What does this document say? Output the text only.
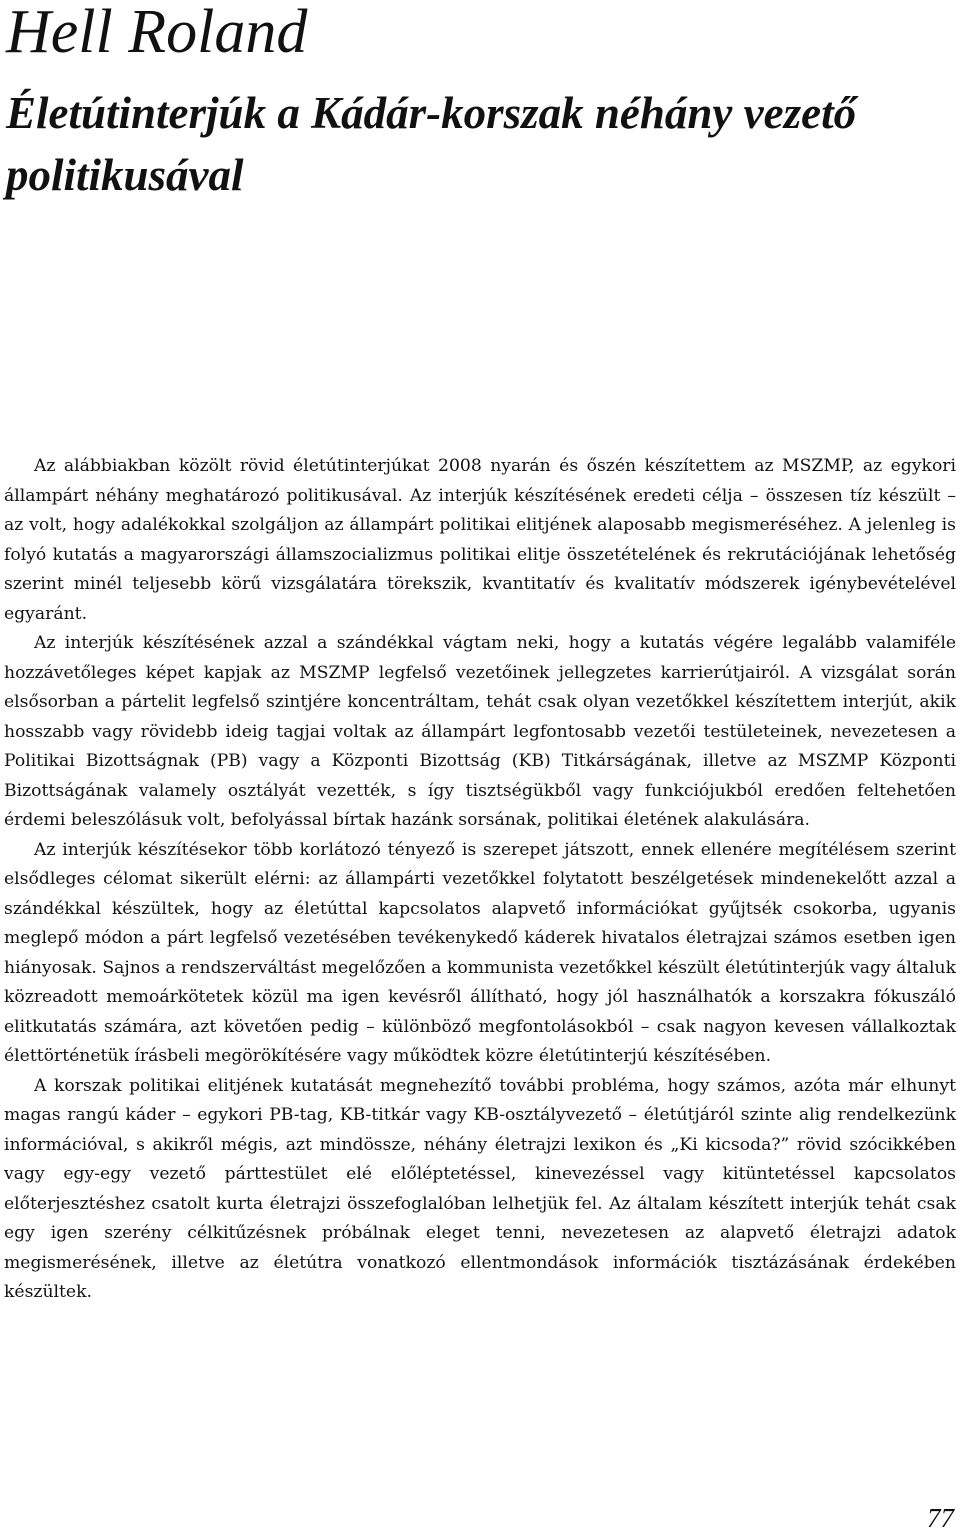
Hell Roland
Életútinterjúk a Kádár-korszak néhány vezető politikusával

Az alábbiakban közölt rövid életútinterjúkat 2008 nyarán és őszén készítettem az MSZMP, az egykori állampárt néhány meghatározó politikusával. Az interjúk készítésének eredeti célja – összesen tíz készült – az volt, hogy adalékokkal szolgáljon az állampárt politikai elitjének alaposabb megismeréséhez. A jelenleg is folyó kutatás a magyarországi államszocializmus politikai elitje összetételének és rekrutációjának lehetőség szerint minél teljesebb körű vizsgálatára törekszik, kvantitatív és kvalitatív módszerek igénybevételével egyaránt.

Az interjúk készítésének azzal a szándékkal vágtam neki, hogy a kutatás végére legalább valamiféle hozzávetőleges képet kapjak az MSZMP legfelső vezetőinek jellegzetes karrierútjairól. A vizsgálat során elsősorban a pártelit legfelső szintjére koncentráltam, tehát csak olyan vezetőkkel készítettem interjút, akik hosszabb vagy rövidebb ideig tagjai voltak az állampárt legfontosabb vezetői testületeinek, nevezetesen a Politikai Bizottságnak (PB) vagy a Központi Bizottság (KB) Titkárságának, illetve az MSZMP Központi Bizottságának valamely osztályát vezették, s így tisztségükből vagy funkciójukból eredően feltehetően érdemi beleszólásuk volt, befolyással bírtak hazánk sorsának, politikai életének alakulására.

Az interjúk készítésekor több korlátozó tényező is szerepet játszott, ennek ellenére megítélésem szerint elsődleges célomat sikerült elérni: az állampárti vezetőkkel folytatott beszélgetések mindenekelőtt azzal a szándékkal készültek, hogy az életúttal kapcsolatos alapvető információkat gyűjtsék csokorba, ugyanis meglepő módon a párt legfelső vezetésében tevékenykedő káderek hivatalos életrajzai számos esetben igen hiányosak. Sajnos a rendszerváltást megelőzően a kommunista vezetőkkel készült életútinterjúk vagy általuk közreadott memoárkötetek közül ma igen kevésről állítható, hogy jól használhatók a korszakra fókuszáló elitkutatás számára, azt követően pedig – különböző megfontolásokból – csak nagyon kevesen vállalkoztak élettörténetük írásbeli megörökítésére vagy működtek közre életútinterjú készítésében.

A korszak politikai elitjének kutatását megnehezítő további probléma, hogy számos, azóta már elhunyt magas rangú káder – egykori PB-tag, KB-titkár vagy KB-osztályvezető – életútjáról szinte alig rendelkezünk információval, s akikről mégis, azt mindössze, néhány életrajzi lexikon és „Ki kicsoda?” rövid szócikkében vagy egy-egy vezető párttestület elé előléptetéssel, kinevezéssel vagy kitüntetéssel kapcsolatos előterjesztéshez csatolt kurta életrajzi összefoglalóban lelhetjük fel. Az általam készített interjúk tehát csak egy igen szerény célkitűzésnek próbálnak eleget tenni, nevezetesen az alapvető életrajzi adatok megismerésének, illetve az életútra vonatkozó ellentmondások információk tisztázásának érdekében készültek.

77
